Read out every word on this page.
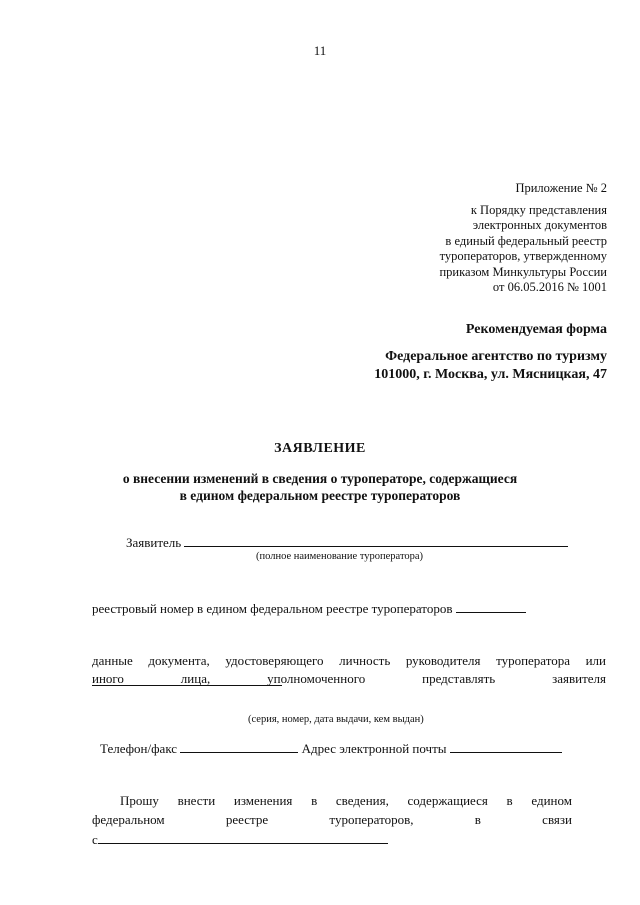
11
Приложение № 2
к Порядку представления
электронных документов
в единый федеральный реестр
туроператоров, утвержденному
приказом Минкультуры России
от 06.05.2016 № 1001
Рекомендуемая форма
Федеральное агентство по туризму
101000, г. Москва, ул. Мясницкая, 47
ЗАЯВЛЕНИЕ
о внесении изменений в сведения о туроператоре, содержащиеся
в едином федеральном реестре туроператоров
Заявитель
(полное наименование туроператора)
реестровый номер в едином федеральном реестре туроператоров
данные документа, удостоверяющего личность руководителя туроператора или
иного лица, уполномоченного представлять заявителя
(серия, номер, дата выдачи, кем выдан)
Телефон/факс	Адрес электронной почты
Прошу внести изменения в сведения, содержащиеся в едином
федеральном реестре туроператоров, в связи
с
